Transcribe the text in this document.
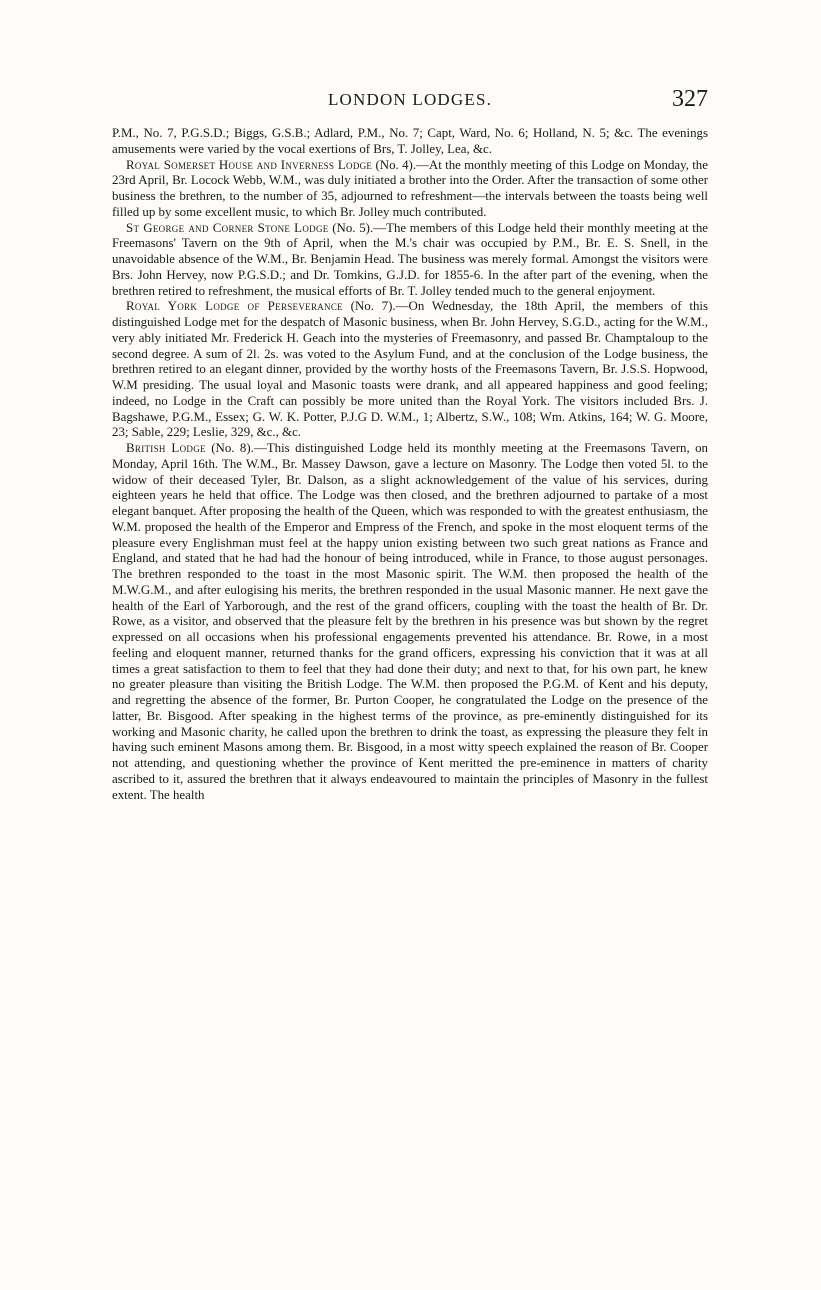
LONDON LODGES.	327

P.M., No. 7, P.G.S.D.; Biggs, G.S.B.; Adlard, P.M., No. 7; Capt, Ward, No. 6; Holland, N. 5; &c. The evenings amusements were varied by the vocal exertions of Brs, T. Jolley, Lea, &c.

Royal Somerset House and Inverness Lodge (No. 4).—At the monthly meeting of this Lodge on Monday, the 23rd April, Br. Locock Webb, W.M., was duly initiated a brother into the Order. After the transaction of some other business the brethren, to the number of 35, adjourned to refreshment—the intervals between the toasts being well filled up by some excellent music, to which Br. Jolley much contributed.

St George and Corner Stone Lodge (No. 5).—The members of this Lodge held their monthly meeting at the Freemasons' Tavern on the 9th of April, when the M.'s chair was occupied by P.M., Br. E. S. Snell, in the unavoidable absence of the W.M., Br. Benjamin Head. The business was merely formal. Amongst the visitors were Brs. John Hervey, now P.G.S.D.; and Dr. Tomkins, G.J.D. for 1855-6. In the after part of the evening, when the brethren retired to refreshment, the musical efforts of Br. T. Jolley tended much to the general enjoyment.

Royal York Lodge of Perseverance (No. 7).—On Wednesday, the 18th April, the members of this distinguished Lodge met for the despatch of Masonic business, when Br. John Hervey, S.G.D., acting for the W.M., very ably initiated Mr. Frederick H. Geach into the mysteries of Freemasonry, and passed Br. Champtaloup to the second degree. A sum of 2l. 2s. was voted to the Asylum Fund, and at the conclusion of the Lodge business, the brethren retired to an elegant dinner, provided by the worthy hosts of the Freemasons Tavern, Br. J.S.S. Hopwood, W.M presiding. The usual loyal and Masonic toasts were drank, and all appeared happiness and good feeling; indeed, no Lodge in the Craft can possibly be more united than the Royal York. The visitors included Brs. J. Bagshawe, P.G.M., Essex; G. W. K. Potter, P.J.G D. W.M., 1; Albertz, S.W., 108; Wm. Atkins, 164; W. G. Moore, 23; Sable, 229; Leslie, 329, &c., &c.

British Lodge (No. 8).—This distinguished Lodge held its monthly meeting at the Freemasons Tavern, on Monday, April 16th. The W.M., Br. Massey Dawson, gave a lecture on Masonry. The Lodge then voted 5l. to the widow of their deceased Tyler, Br. Dalson, as a slight acknowledgement of the value of his services, during eighteen years he held that office. The Lodge was then closed, and the brethren adjourned to partake of a most elegant banquet. After proposing the health of the Queen, which was responded to with the greatest enthusiasm, the W.M. proposed the health of the Emperor and Empress of the French, and spoke in the most eloquent terms of the pleasure every Englishman must feel at the happy union existing between two such great nations as France and England, and stated that he had had the honour of being introduced, while in France, to those august personages. The brethren responded to the toast in the most Masonic spirit. The W.M. then proposed the health of the M.W.G.M., and after eulogising his merits, the brethren responded in the usual Masonic manner. He next gave the health of the Earl of Yarborough, and the rest of the grand officers, coupling with the toast the health of Br. Dr. Rowe, as a visitor, and observed that the pleasure felt by the brethren in his presence was but shown by the regret expressed on all occasions when his professional engagements prevented his attendance. Br. Rowe, in a most feeling and eloquent manner, returned thanks for the grand officers, expressing his conviction that it was at all times a great satisfaction to them to feel that they had done their duty; and next to that, for his own part, he knew no greater pleasure than visiting the British Lodge. The W.M. then proposed the P.G.M. of Kent and his deputy, and regretting the absence of the former, Br. Purton Cooper, he congratulated the Lodge on the presence of the latter, Br. Bisgood. After speaking in the highest terms of the province, as pre-eminently distinguished for its working and Masonic charity, he called upon the brethren to drink the toast, as expressing the pleasure they felt in having such eminent Masons among them. Br. Bisgood, in a most witty speech explained the reason of Br. Cooper not attending, and questioning whether the province of Kent meritted the pre-eminence in matters of charity ascribed to it, assured the brethren that it always endeavoured to maintain the principles of Masonry in the fullest extent. The health
